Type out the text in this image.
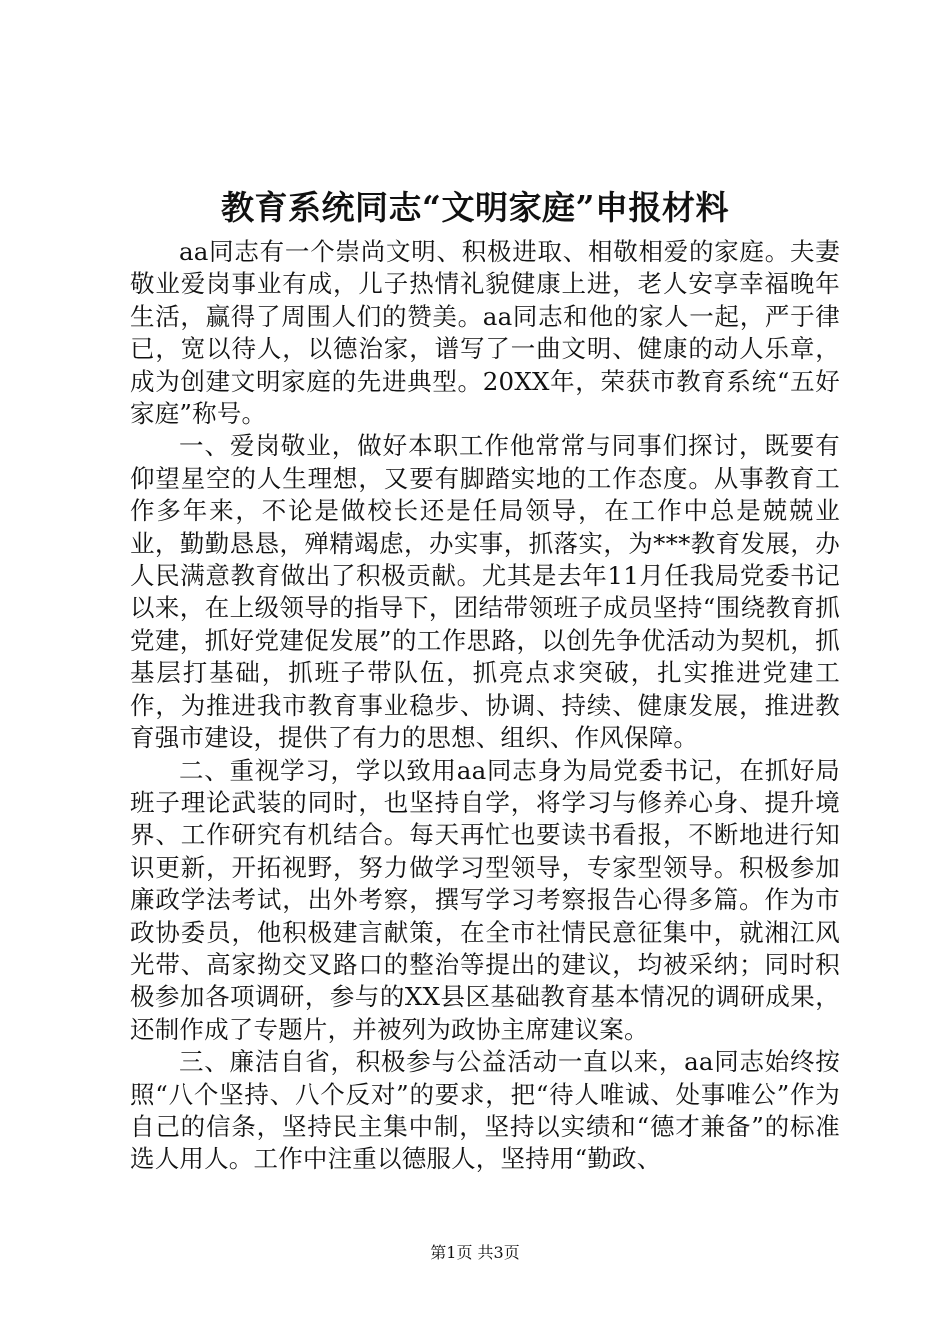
教育系统同志“文明家庭”申报材料

aa同志有一个崇尚文明、积极进取、相敬相爱的家庭。夫妻敬业爱岗事业有成，儿子热情礼貌健康上进，老人安享幸福晚年生活，赢得了周围人们的赞美。aa同志和他的家人一起，严于律已，宽以待人，以德治家，谱写了一曲文明、健康的动人乐章，成为创建文明家庭的先进典型。20XX年，荣获市教育系统“五好家庭”称号。

一、爱岗敬业，做好本职工作他常常与同事们探讨，既要有仰望星空的人生理想，又要有脚踏实地的工作态度。从事教育工作多年来，不论是做校长还是任局领导，在工作中总是兢兢业业，勤勤恳恳，殚精竭虑，办实事，抓落实，为***教育发展，办人民满意教育做出了积极贡献。尤其是去年11月任我局党委书记以来，在上级领导的指导下，团结带领班子成员坚持“围绕教育抓党建，抓好党建促发展”的工作思路，以创先争优活动为契机，抓基层打基础，抓班子带队伍，抓亮点求突破，扎实推进党建工作，为推进我市教育事业稳步、协调、持续、健康发展，推进教育强市建设，提供了有力的思想、组织、作风保障。

二、重视学习，学以致用aa同志身为局党委书记，在抓好局班子理论武装的同时，也坚持自学，将学习与修养心身、提升境界、工作研究有机结合。每天再忙也要读书看报，不断地进行知识更新，开拓视野，努力做学习型领导，专家型领导。积极参加廉政学法考试，出外考察，撰写学习考察报告心得多篇。作为市政协委员，他积极建言献策，在全市社情民意征集中，就湘江风光带、高家拗交叉路口的整治等提出的建议，均被采纳；同时积极参加各项调研，参与的XX县区基础教育基本情况的调研成果，还制作成了专题片，并被列为政协主席建议案。

三、廉洁自省，积极参与公益活动一直以来，aa同志始终按照“八个坚持、八个反对”的要求，把“待人唯诚、处事唯公”作为自己的信条，坚持民主集中制，坚持以实绩和“德才兼备”的标准选人用人。工作中注重以德服人，坚持用“勤政、

第1页 共3页
